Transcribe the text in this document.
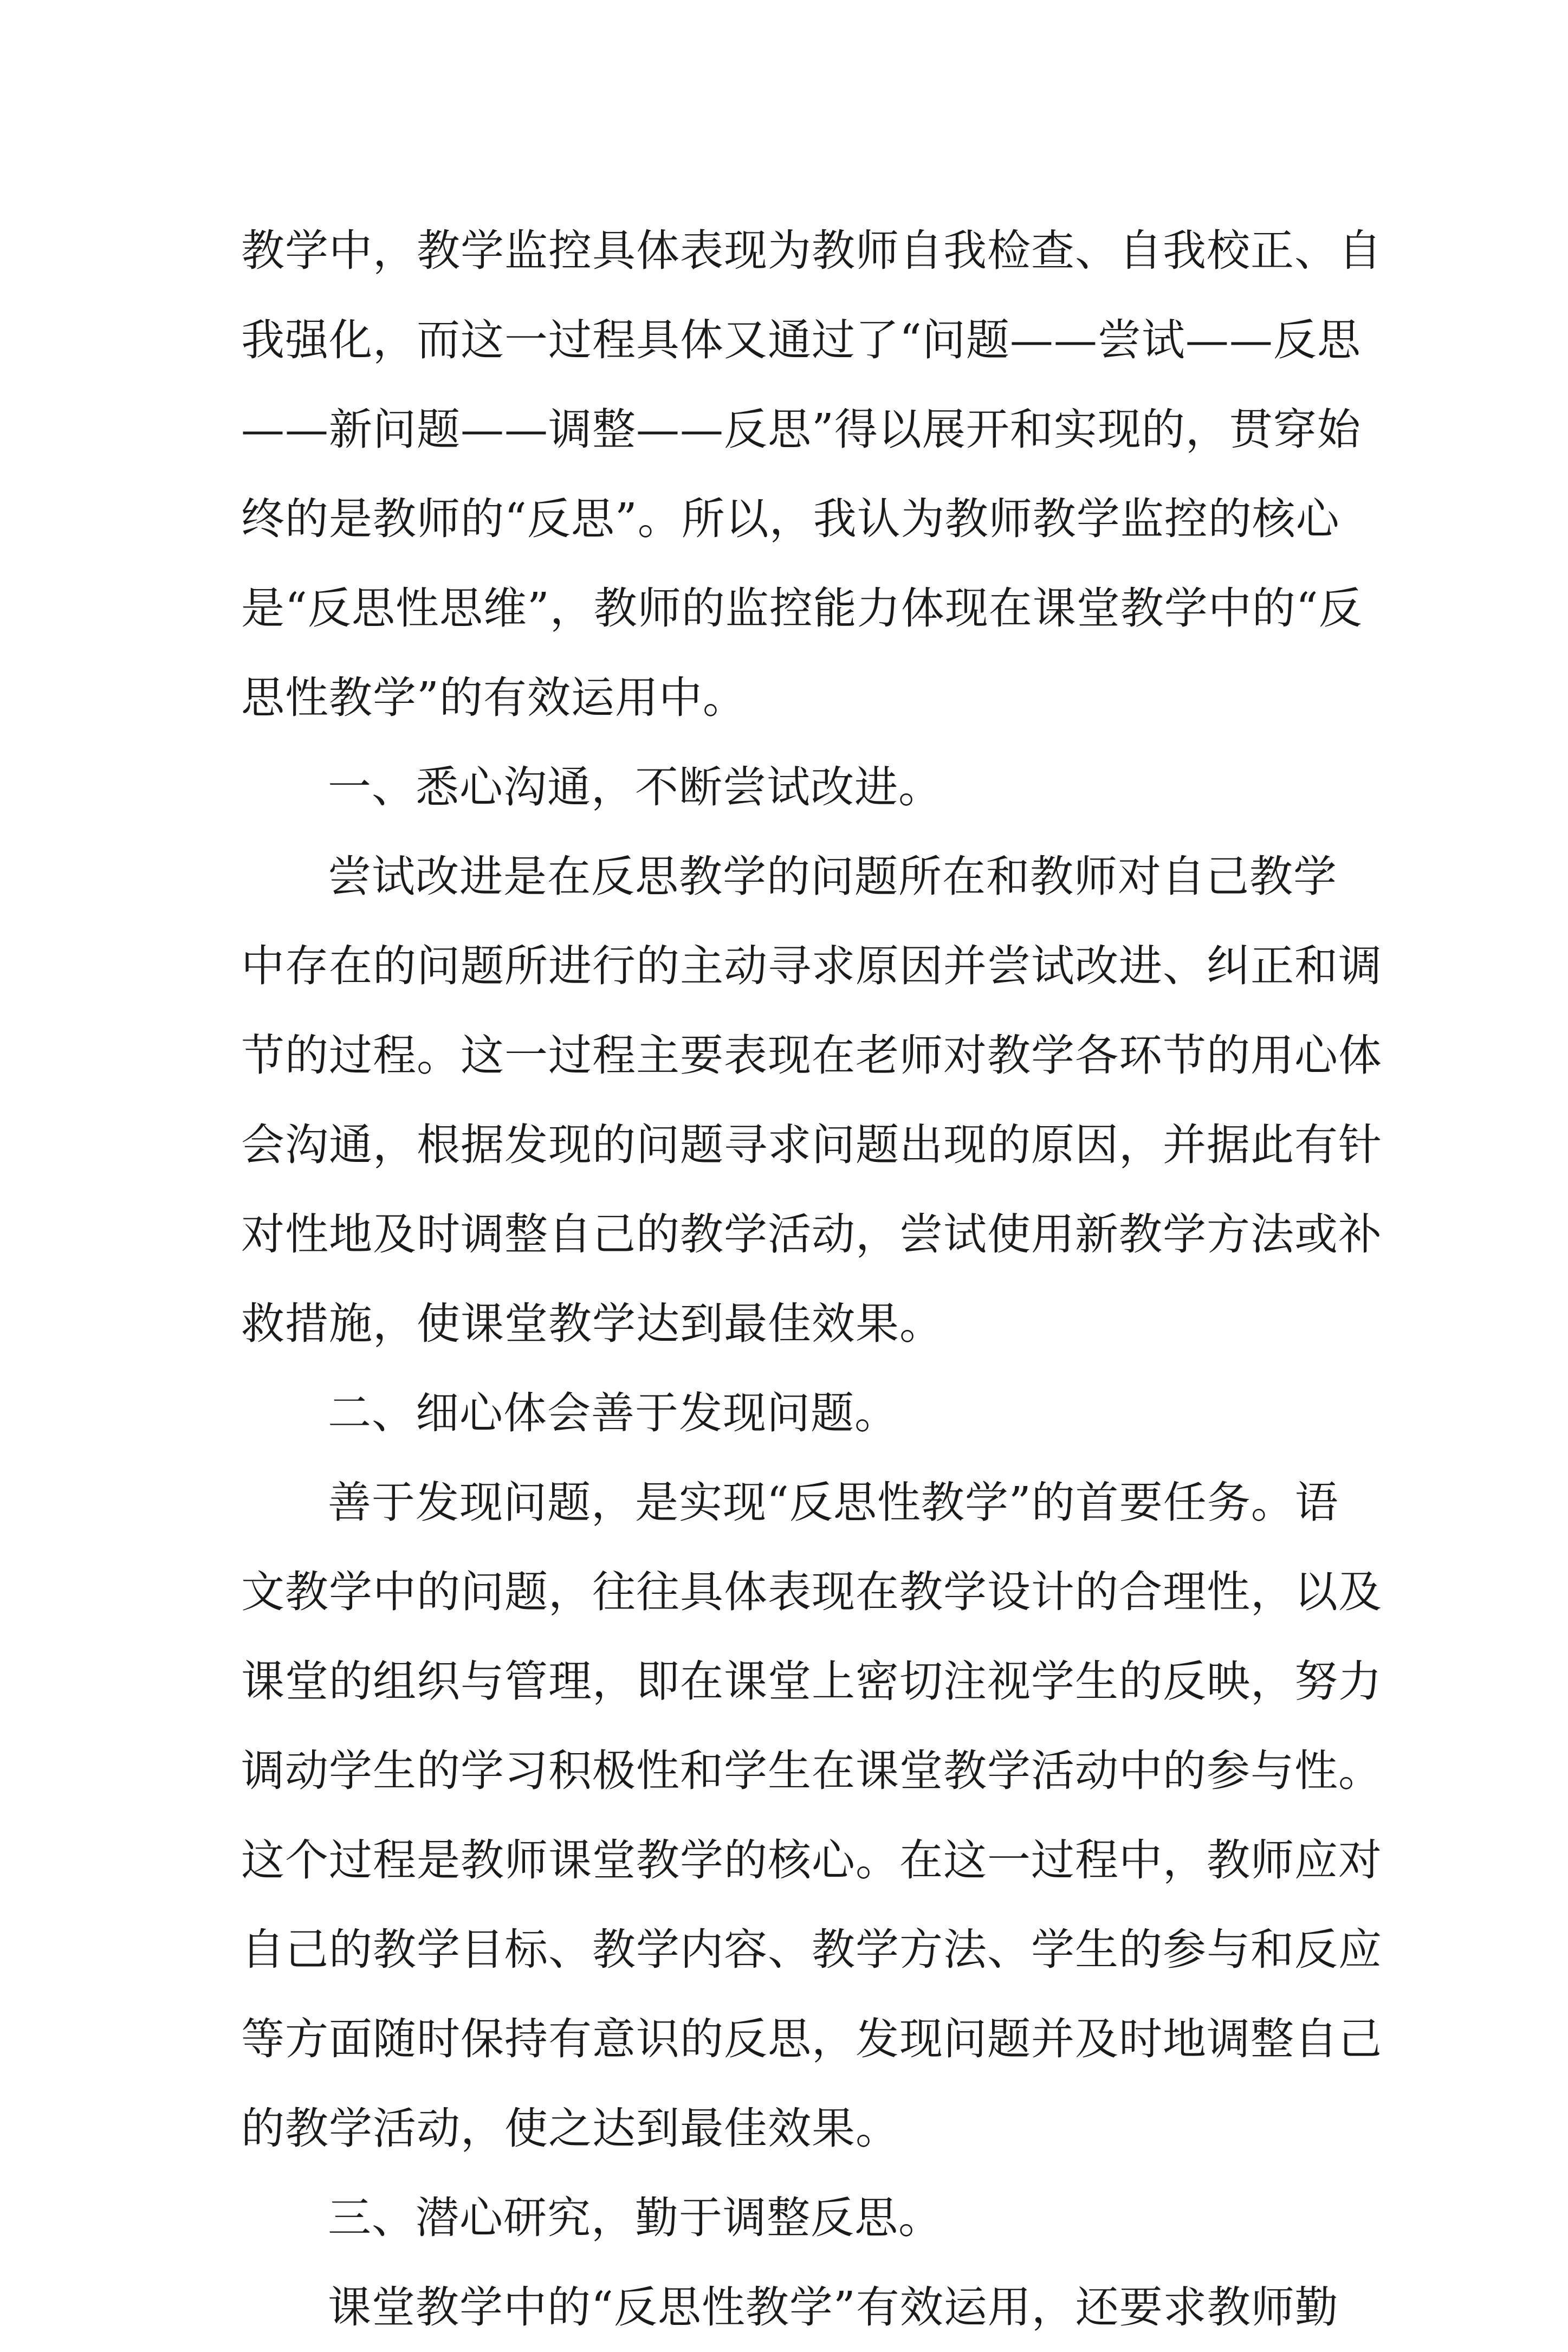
教学中，教学监控具体表现为教师自我检查、自我校正、自
我强化，而这一过程具体又通过了“问题——尝试——反思
——新问题——调整——反思”得以展开和实现的，贯穿始
终的是教师的“反思”。所以，我认为教师教学监控的核心
是“反思性思维”，教师的监控能力体现在课堂教学中的“反
思性教学”的有效运用中。
一、悉心沟通，不断尝试改进。
尝试改进是在反思教学的问题所在和教师对自己教学
中存在的问题所进行的主动寻求原因并尝试改进、纠正和调
节的过程。这一过程主要表现在老师对教学各环节的用心体
会沟通，根据发现的问题寻求问题出现的原因，并据此有针
对性地及时调整自己的教学活动，尝试使用新教学方法或补
救措施，使课堂教学达到最佳效果。
二、细心体会善于发现问题。
善于发现问题，是实现“反思性教学”的首要任务。语
文教学中的问题，往往具体表现在教学设计的合理性，以及
课堂的组织与管理，即在课堂上密切注视学生的反映，努力
调动学生的学习积极性和学生在课堂教学活动中的参与性。
这个过程是教师课堂教学的核心。在这一过程中，教师应对
自己的教学目标、教学内容、教学方法、学生的参与和反应
等方面随时保持有意识的反思，发现问题并及时地调整自己
的教学活动，使之达到最佳效果。
三、潜心研究，勤于调整反思。
课堂教学中的“反思性教学”有效运用，还要求教师勤
